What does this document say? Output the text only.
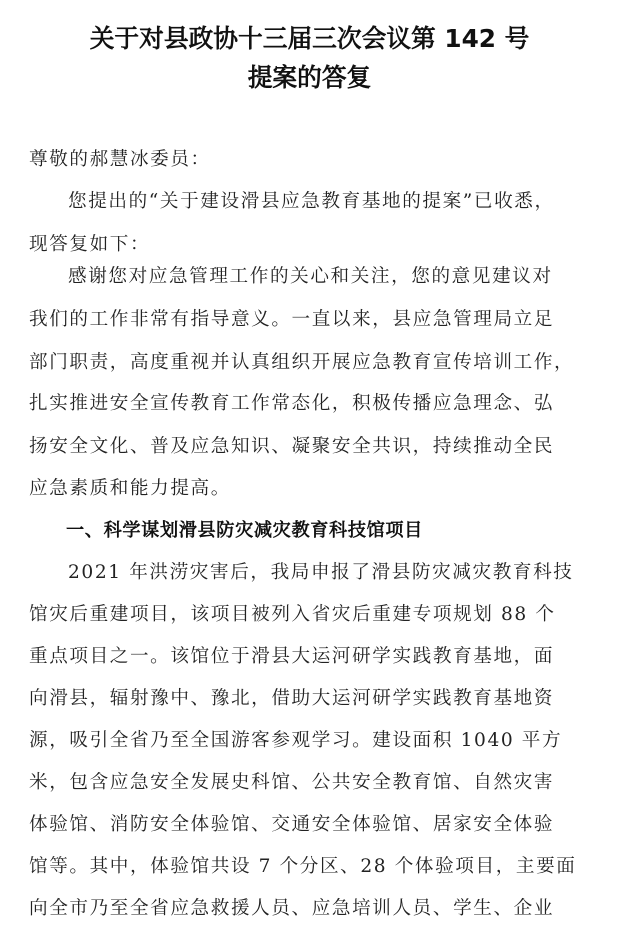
关于对县政协十三届三次会议第 142 号
提案的答复
尊敬的郝慧冰委员：
您提出的“关于建设滑县应急教育基地的提案”已收悉，
现答复如下：
感谢您对应急管理工作的关心和关注，您的意见建议对
我们的工作非常有指导意义。一直以来，县应急管理局立足
部门职责，高度重视并认真组织开展应急教育宣传培训工作，
扎实推进安全宣传教育工作常态化，积极传播应急理念、弘
扬安全文化、普及应急知识、凝聚安全共识，持续推动全民
应急素质和能力提高。
一、科学谋划滑县防灾减灾教育科技馆项目
2021 年洪涝灾害后，我局申报了滑县防灾减灾教育科技
馆灾后重建项目，该项目被列入省灾后重建专项规划 88 个
重点项目之一。该馆位于滑县大运河研学实践教育基地，面
向滑县，辐射豫中、豫北，借助大运河研学实践教育基地资
源，吸引全省乃至全国游客参观学习。建设面积 1040 平方
米，包含应急安全发展史科馆、公共安全教育馆、自然灾害
体验馆、消防安全体验馆、交通安全体验馆、居家安全体验
馆等。其中，体验馆共设 7 个分区、28 个体验项目，主要面
向全市乃至全省应急救援人员、应急培训人员、学生、企业
